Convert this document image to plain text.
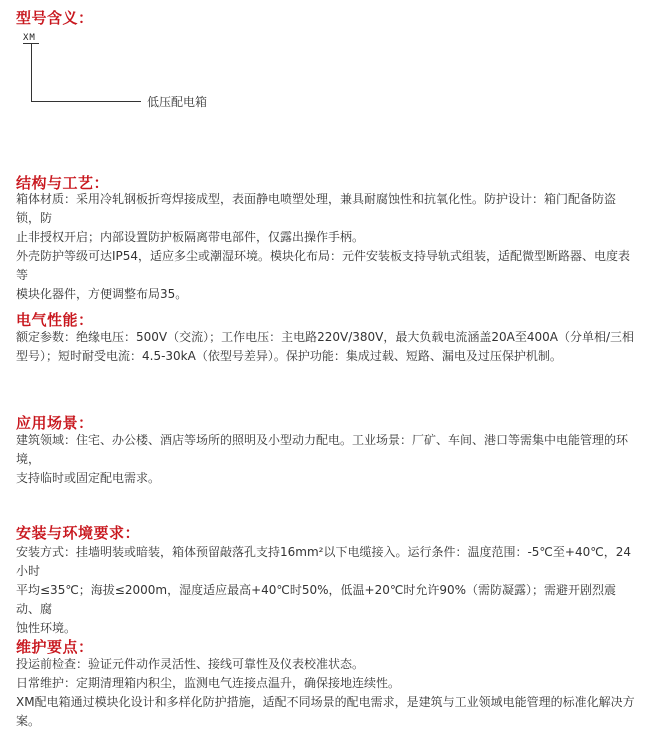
型号含义：
XM
低压配电箱
结构与工艺：
箱体材质：采用冷轧钢板折弯焊接成型，表面静电喷塑处理，兼具耐腐蚀性和抗氧化性。防护设计：箱门配备防盗锁，防
止非授权开启；内部设置防护板隔离带电部件，仅露出操作手柄。
外壳防护等级可达IP54，适应多尘或潮湿环境。模块化布局：元件安装板支持导轨式组装，适配微型断路器、电度表等
模块化器件，方便调整布局35。
电气性能：
额定参数：绝缘电压：500V（交流）；工作电压：主电路220V/380V，最大负载电流涵盖20A至400A（分单相/三相
型号）；短时耐受电流：4.5-30kA（依型号差异）。保护功能：集成过载、短路、漏电及过压保护机制。
应用场景：
建筑领域：住宅、办公楼、酒店等场所的照明及小型动力配电。工业场景：厂矿、车间、港口等需集中电能管理的环境，
支持临时或固定配电需求。
安装与环境要求：
安装方式：挂墙明装或暗装，箱体预留敲落孔支持16mm²以下电缆接入。运行条件：温度范围：-5℃至+40℃，24小时
平均≤35℃；海拔≤2000m，湿度适应最高+40℃时50%，低温+20℃时允许90%（需防凝露）；需避开剧烈震动、腐
蚀性环境。
维护要点：
投运前检查：验证元件动作灵活性、接线可靠性及仪表校准状态。
日常维护：定期清理箱内积尘，监测电气连接点温升，确保接地连续性。
XM配电箱通过模块化设计和多样化防护措施，适配不同场景的配电需求，是建筑与工业领域电能管理的标准化解决方
案。
